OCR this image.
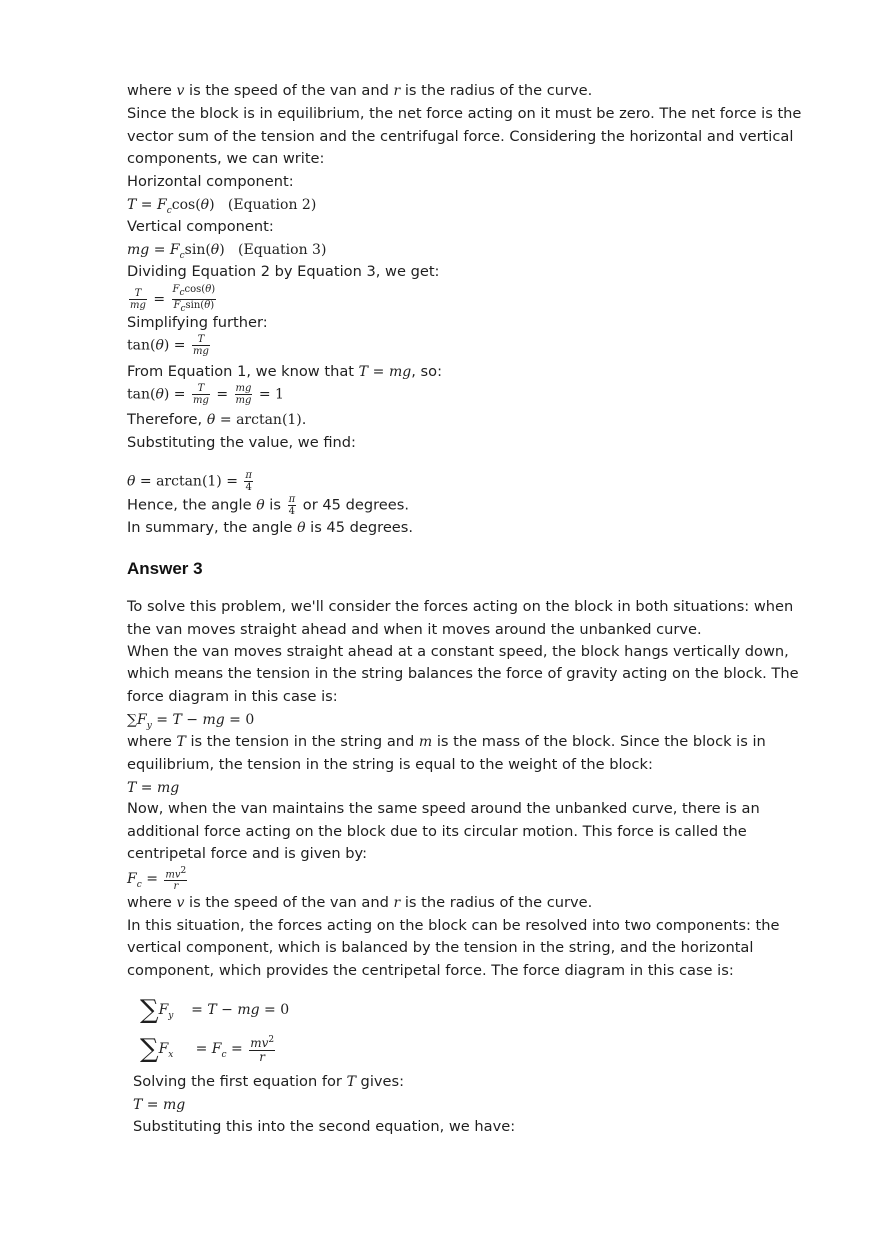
where v is the speed of the van and r is the radius of the curve.
Since the block is in equilibrium, the net force acting on it must be zero. The net force is the
vector sum of the tension and the centrifugal force. Considering the horizontal and vertical
components, we can write:
Horizontal component:
$T = F_c\cos(\theta)$   (Equation 2)
Vertical component:
mg = $F_c\sin(\theta)$   (Equation 3)
Dividing Equation 2 by Equation 3, we get:
$\frac{T}{mg} = \frac{F_c\cos(\theta)}{F_c\sin(\theta)}$
Simplifying further:
$\tan(\theta) = \frac{T}{mg}$
From Equation 1, we know that T = mg, so:
$\tan(\theta) = \frac{T}{mg} = \frac{mg}{mg} = 1$
Therefore, θ = arctan(1).
Substituting the value, we find:
$\theta = \arctan(1) = \frac{\pi}{4}$
Hence, the angle θ is $\frac{\pi}{4}$ or 45 degrees.
In summary, the angle θ is 45 degrees.
Answer 3
To solve this problem, we'll consider the forces acting on the block in both situations: when
the van moves straight ahead and when it moves around the unbanked curve.
When the van moves straight ahead at a constant speed, the block hangs vertically down,
which means the tension in the string balances the force of gravity acting on the block. The
force diagram in this case is:
$\sum F_y = T$ − mg = 0
where T is the tension in the string and m is the mass of the block. Since the block is in
equilibrium, the tension in the string is equal to the weight of the block:
T = mg
Now, when the van maintains the same speed around the unbanked curve, there is an
additional force acting on the block due to its circular motion. This force is called the
centripetal force and is given by:
$F_c = \frac{mv^2}{r}$
where v is the speed of the van and r is the radius of the curve.
In this situation, the forces acting on the block can be resolved into two components: the
vertical component, which is balanced by the tension in the string, and the horizontal
component, which provides the centripetal force. The force diagram in this case is:
$\sum F_y$    = T − mg = 0
$\sum F_x$     = $F_c = \frac{mv^2}{r}$
Solving the first equation for T gives:
T = mg
Substituting this into the second equation, we have:
